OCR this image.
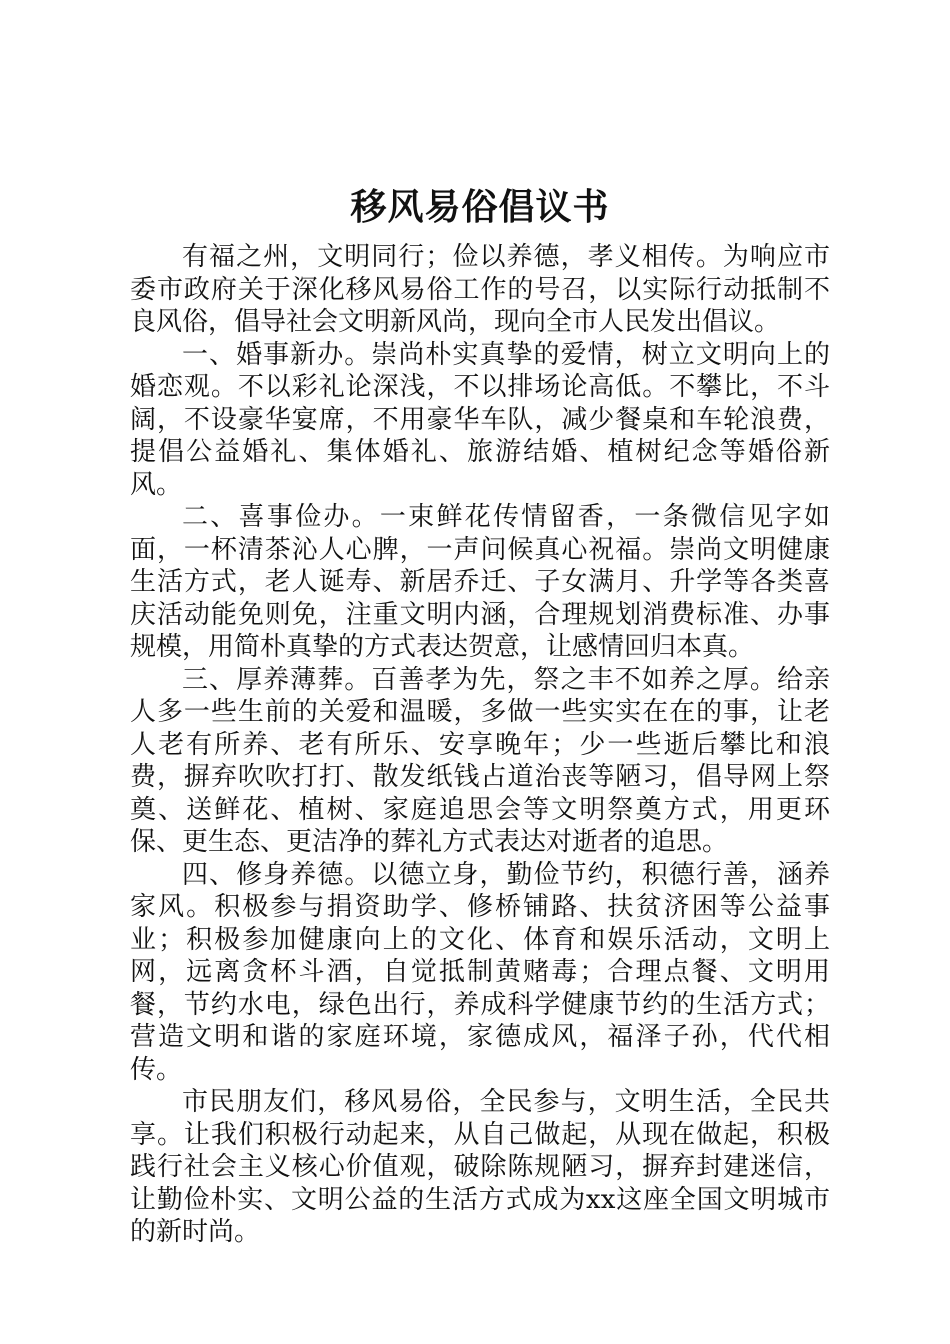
移风易俗倡议书

有福之州，文明同行；俭以养德，孝义相传。为响应市委市政府关于深化移风易俗工作的号召，以实际行动抵制不良风俗，倡导社会文明新风尚，现向全市人民发出倡议。

一、婚事新办。崇尚朴实真挚的爱情，树立文明向上的婚恋观。不以彩礼论深浅，不以排场论高低。不攀比，不斗阔，不设豪华宴席，不用豪华车队，减少餐桌和车轮浪费，提倡公益婚礼、集体婚礼、旅游结婚、植树纪念等婚俗新风。

二、喜事俭办。一束鲜花传情留香，一条微信见字如面，一杯清茶沁人心脾，一声问候真心祝福。崇尚文明健康生活方式，老人诞寿、新居乔迁、子女满月、升学等各类喜庆活动能免则免，注重文明内涵，合理规划消费标准、办事规模，用简朴真挚的方式表达贺意，让感情回归本真。

三、厚养薄葬。百善孝为先，祭之丰不如养之厚。给亲人多一些生前的关爱和温暖，多做一些实实在在的事，让老人老有所养、老有所乐、安享晚年；少一些逝后攀比和浪费，摒弃吹吹打打、散发纸钱占道治丧等陋习，倡导网上祭奠、送鲜花、植树、家庭追思会等文明祭奠方式，用更环保、更生态、更洁净的葬礼方式表达对逝者的追思。

四、修身养德。以德立身，勤俭节约，积德行善，涵养家风。积极参与捐资助学、修桥铺路、扶贫济困等公益事业；积极参加健康向上的文化、体育和娱乐活动，文明上网，远离贪杯斗酒，自觉抵制黄赌毒；合理点餐、文明用餐，节约水电，绿色出行，养成科学健康节约的生活方式；营造文明和谐的家庭环境，家德成风，福泽子孙，代代相传。

市民朋友们，移风易俗，全民参与，文明生活，全民共享。让我们积极行动起来，从自己做起，从现在做起，积极践行社会主义核心价值观，破除陈规陋习，摒弃封建迷信，让勤俭朴实、文明公益的生活方式成为xx这座全国文明城市的新时尚。
